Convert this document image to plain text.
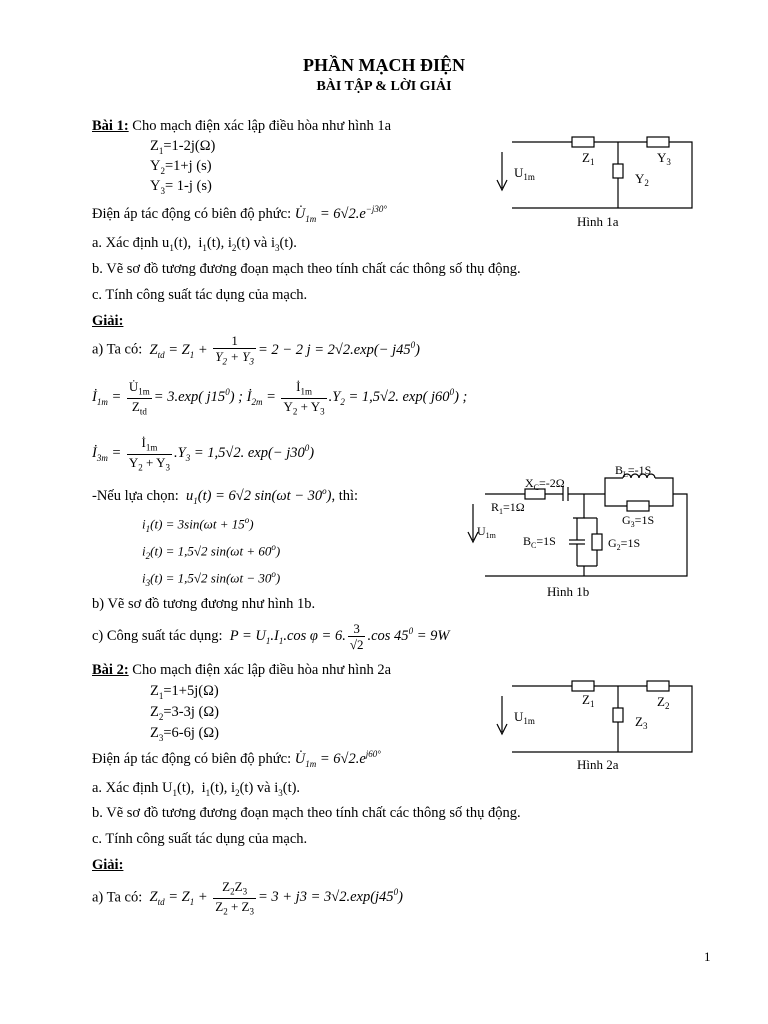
PHẦN MẠCH ĐIỆN
BÀI TẬP & LỜI GIẢI
Bài 1: Cho mạch điện xác lập điều hòa như hình 1a
$Z_1=1-2j(\Omega)$
$Y_2=1+j$ (s)
$Y_3= 1-j$ (s)
Điện áp tác động có biên độ phức: $U̇_{1m} = 6√2.e^{-j30^\circ}$
a. Xác định $u_1(t)$,  $i_1(t)$, $i_2(t)$ và $i_3(t)$.
b. Vẽ sơ đồ tương đương đoạn mạch theo tính chất các thông số thụ động.
c. Tính công suất tác dụng của mạch.
Giải:
a) Ta có:  $Z_{td} = Z_1 + \frac{1}{Y_2 + Y_3} = 2 - 2$ $j = 2√2.\exp(- j45^0)$
$İ_{1m} = \frac{U̇_{1m}}{Z_{td}} = 3.\exp$( $j15^0$) ; $İ_{2m} = \frac{İ_{1m}}{Y_2 + Y_3} .Y_2 = 1,5√2$. exp( $j60^0$) ;
$İ_{3m} = \frac{İ_{1m}}{Y_2 + Y_3} .Y_3 = 1,5√2$. $\exp(- j30^0)$
-Nếu lựa chọn:  $u_1(t) = 6√2$ $\sin(\omega t - 30^o)$, thì:
$i_1(t) = 3\sin(\omega t + 15^o)$
$i_2(t) = 1,5√2$ $\sin(\omega t + 60^o)$
$i_3(t) = 1,5√2$ $\sin(\omega t - 30^o)$
b) Vẽ sơ đồ tương đương như hình 1b.
c) Công suất tác dụng:  $P = U_1.I_1.\cos$ φ = 6. $\frac{3}{√2} .\cos$ $45^0 = 9W$
Bài 2: Cho mạch điện xác lập điều hòa như hình 2a
$Z_1=1+5j(\Omega)$
$Z_2=3-3j$ (Ω)
$Z_3=6-6j$ (Ω)
Điện áp tác động có biên độ phức: $U̇_{1m} = 6√2.e^{j60^\circ}$
a. Xác định $U_1(t)$,  $i_1(t)$, $i_2(t)$ và $i_3(t)$.
b. Vẽ sơ đồ tương đương đoạn mạch theo tính chất các thông số thụ động.
c. Tính công suất tác dụng của mạch.
Giải:
a) Ta có:  $Z_{td} = Z_1 + \frac{Z_2Z_3}{Z_2 + Z_3} = 3 + j3 = 3√2.\exp(j45^0)$
$U_{1m}$
$Z_1$	$Y_3$
$Y_2$
Hình 1a
$B_L=-1S$
$X_C=-2\Omega$
$R_1=1\Omega$
$G_3=1S$
$B_C=1S$	$G_2=1S$
$U_{1m}$
Hình 1b
$U_{1m}$
$Z_1$	$Z_2$
$Z_3$
Hình 2a
1
